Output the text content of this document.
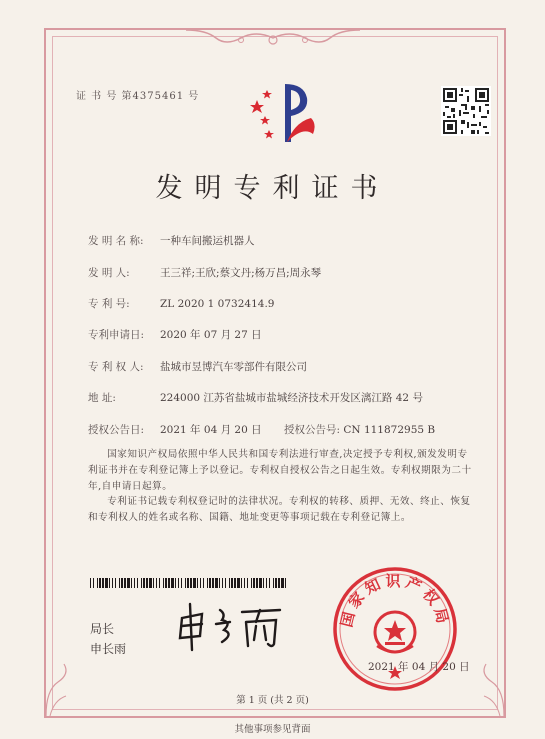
证 书 号 第4375461 号
发明专利证书
发 明 名 称: 一种车间搬运机器人
发 明 人:	王三祥;王欣;蔡文丹;杨万昌;周永琴
专 利 号:	ZL 2020 1 0732414.9
专利申请日: 2020 年 07 月 27 日
专 利 权 人: 盐城市昱博汽车零部件有限公司
地 址:	224000 江苏省盐城市盐城经济技术开发区漓江路 42 号
授权公告日: 2021 年 04 月 20 日 授权公告号: CN 111872955 B
国家知识产权局依照中华人民共和国专利法进行审查,决定授予专利权,颁发发明专利证书并在专利登记簿上予以登记。专利权自授权公告之日起生效。专利权期限为二十年,自申请日起算。
专利证书记载专利权登记时的法律状况。专利权的转移、质押、无效、终止、恢复和专利权人的姓名或名称、国籍、地址变更等事项记载在专利登记簿上。
局长
申长雨
国家知识产权局
2021 年 04 月 20 日
第 1 页 (共 2 页)
其他事项参见背面
